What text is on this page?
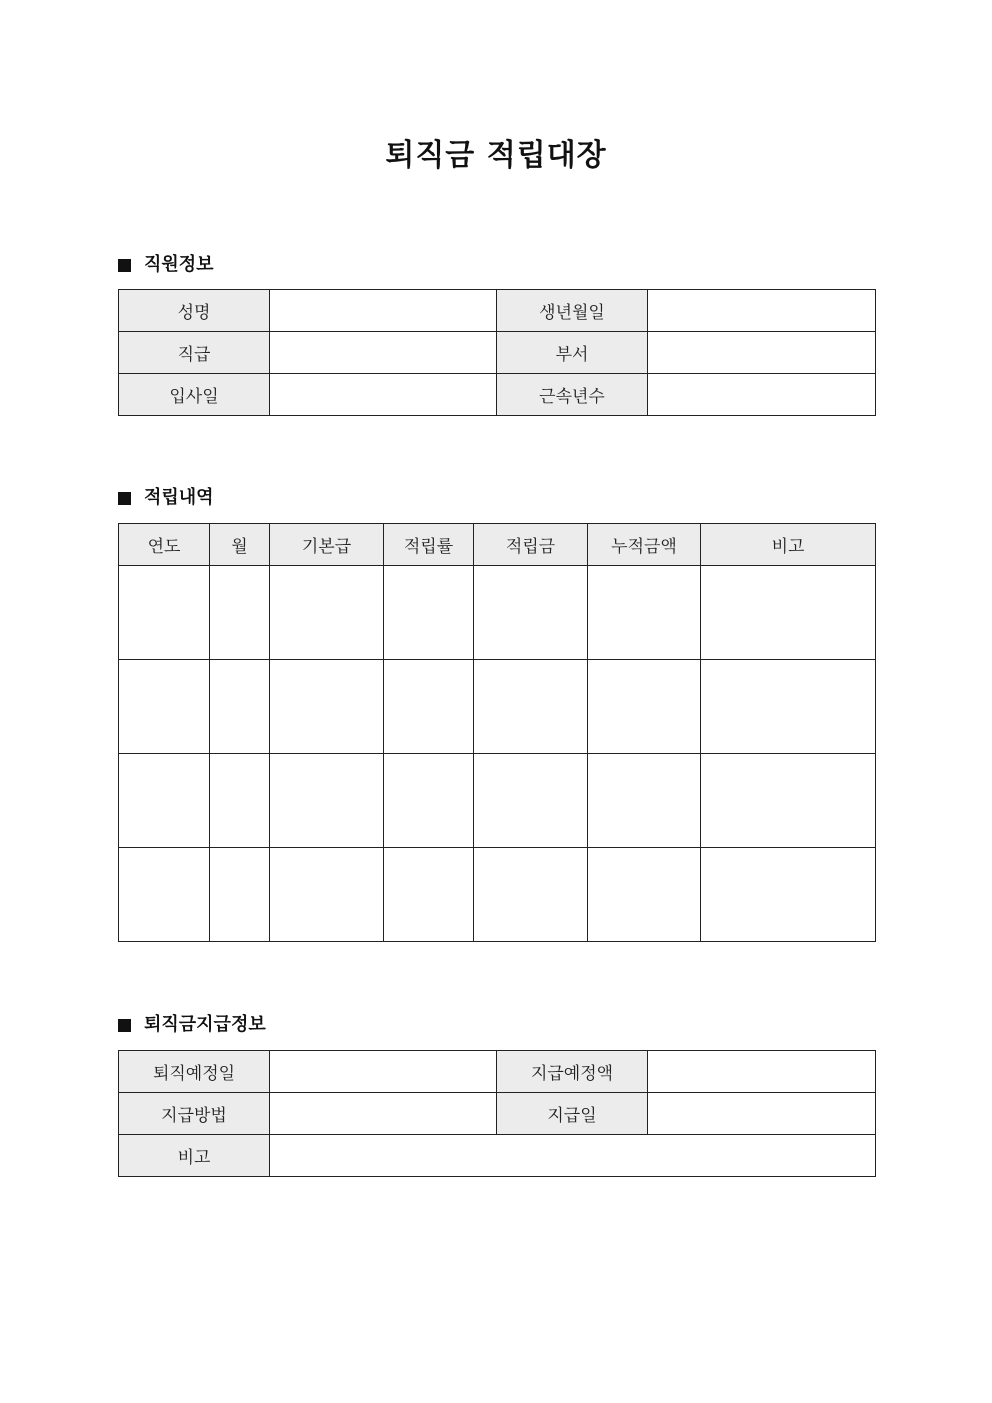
퇴직금 적립대장
직원정보
성명		생년월일	
직급		부서	
입사일		근속년수	
적립내역
연도	월	기본급	적립률	적립금	누적금액	비고

퇴직금지급정보
퇴직예정일		지급예정액	
지급방법		지급일	
비고			
